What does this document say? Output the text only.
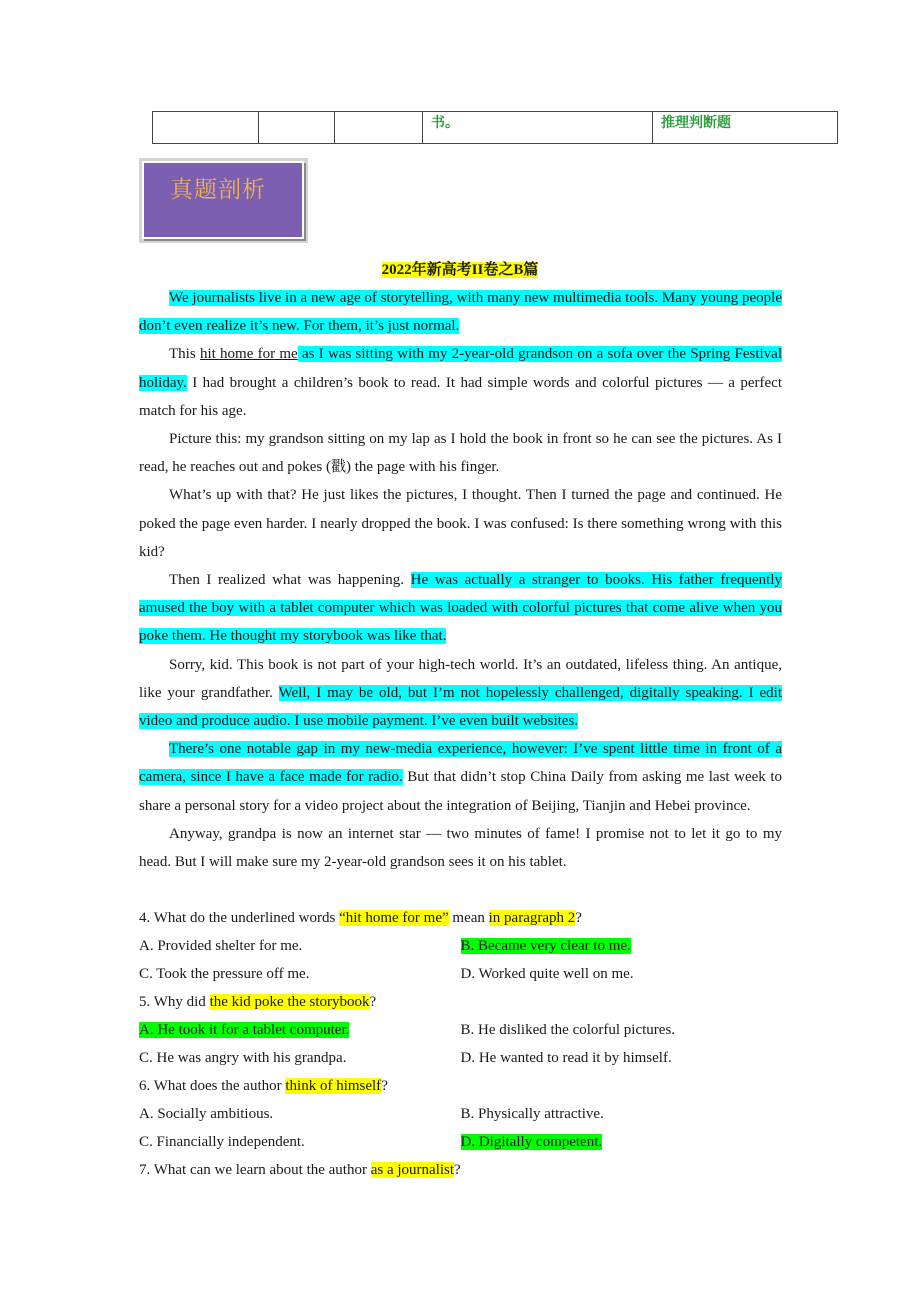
			书。	推理判断题
真题剖析
2022年新高考II卷之B篇

We journalists live in a new age of storytelling, with many new multimedia tools. Many young people don’t even realize it’s new. For them, it’s just normal.

This hit home for me as I was sitting with my 2-year-old grandson on a sofa over the Spring Festival holiday. I had brought a children’s book to read. It had simple words and colorful pictures — a perfect match for his age.

Picture this: my grandson sitting on my lap as I hold the book in front so he can see the pictures. As I read, he reaches out and pokes (戳) the page with his finger.

What’s up with that? He just likes the pictures, I thought. Then I turned the page and continued. He poked the page even harder. I nearly dropped the book. I was confused: Is there something wrong with this kid?

Then I realized what was happening. He was actually a stranger to books. His father frequently amused the boy with a tablet computer which was loaded with colorful pictures that come alive when you poke them. He thought my storybook was like that.

Sorry, kid. This book is not part of your high-tech world. It’s an outdated, lifeless thing. An antique, like your grandfather. Well, I may be old, but I’m not hopelessly challenged, digitally speaking. I edit video and produce audio. I use mobile payment. I’ve even built websites.

There’s one notable gap in my new-media experience, however: I’ve spent little time in front of a camera, since I have a face made for radio. But that didn’t stop China Daily from asking me last week to share a personal story for a video project about the integration of Beijing, Tianjin and Hebei province.

Anyway, grandpa is now an internet star — two minutes of fame! I promise not to let it go to my head. But I will make sure my 2-year-old grandson sees it on his tablet.

4. What do the underlined words “hit home for me” mean in paragraph 2?

A. Provided shelter for me.	B. Became very clear to me.
C. Took the pressure off me.	D. Worked quite well on me.

5. Why did the kid poke the storybook?

A. He took it for a tablet computer.	B. He disliked the colorful pictures.
C. He was angry with his grandpa.	D. He wanted to read it by himself.

6. What does the author think of himself?

A. Socially ambitious.	B. Physically attractive.
C. Financially independent.	D. Digitally competent.

7. What can we learn about the author as a journalist?
